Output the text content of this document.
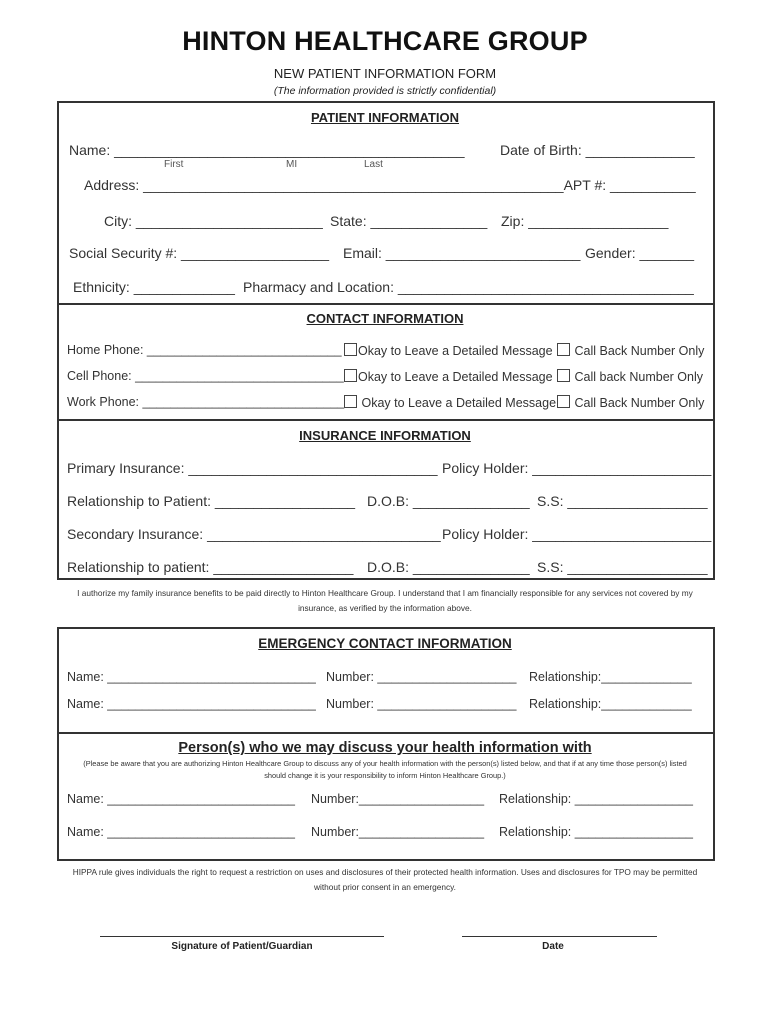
HINTON HEALTHCARE GROUP
NEW PATIENT INFORMATION FORM
(The information provided is strictly confidential)
PATIENT INFORMATION
Name: _____________________________________________	Date of Birth: ______________
First	MI	Last
Address: ______________________________________________________APT #: ___________
City: ________________________ State: _______________ Zip: __________________
Social Security #: ___________________ Email: _________________________ Gender: _______
Ethnicity: _____________ Pharmacy and Location: ______________________________________
CONTACT INFORMATION
Home Phone: ____________________________	Okay to Leave a Detailed Message	Call Back Number Only
Cell Phone: ______________________________	Okay to Leave a Detailed Message	Call back Number Only
Work Phone: _____________________________	Okay to Leave a Detailed Message	Call Back Number Only
INSURANCE INFORMATION
Primary Insurance: ________________________________ Policy Holder: _______________________
Relationship to Patient: __________________ D.O.B: _______________ S.S: __________________
Secondary Insurance: ______________________________ Policy Holder: _______________________
Relationship to patient: __________________ D.O.B: _______________ S.S: __________________
I authorize my family insurance benefits to be paid directly to Hinton Healthcare Group. I understand that I am financially responsible for any services not covered by my insurance, as verified by the information above.
EMERGENCY CONTACT INFORMATION
Name: ______________________________ Number: ____________________ Relationship:_____________
Name: ______________________________ Number: ____________________ Relationship:_____________
Person(s) who we may discuss your health information with
(Please be aware that you are authorizing Hinton Healthcare Group to discuss any of your health information with the person(s) listed below, and that if at any time those person(s) listed should change it is your responsibility to inform Hinton Healthcare Group.)
Name: ___________________________ Number:__________________ Relationship: _________________
Name: ___________________________ Number:__________________ Relationship: _________________
HIPPA rule gives individuals the right to request a restriction on uses and disclosures of their protected health information. Uses and disclosures for TPO may be permitted without prior consent in an emergency.
Signature of Patient/Guardian	Date
